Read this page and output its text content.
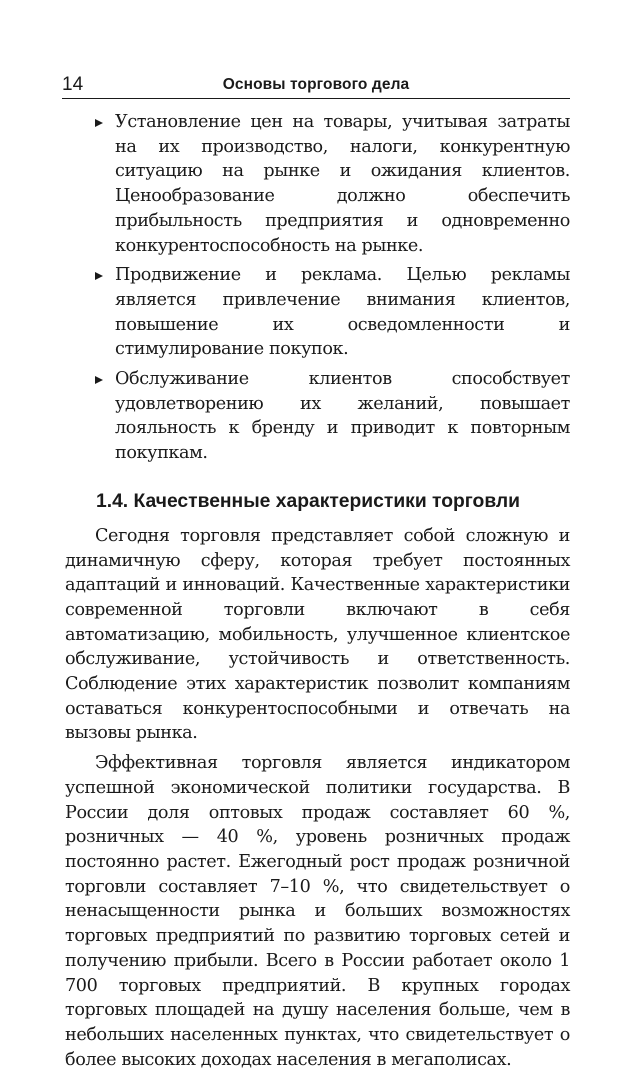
14	Основы торгового дела
Установление цен на товары, учитывая затраты на их производство, налоги, конкурентную ситуацию на рынке и ожидания клиентов. Ценообразование должно обеспечить прибыльность предприятия и одновременно конкурентоспособность на рынке.
Продвижение и реклама. Целью рекламы является привлечение внимания клиентов, повышение их осведомленности и стимулирование покупок.
Обслуживание клиентов способствует удовлетворению их желаний, повышает лояльность к бренду и приводит к повторным покупкам.
1.4. Качественные характеристики торговли

Сегодня торговля представляет собой сложную и динамичную сферу, которая требует постоянных адаптаций и инноваций. Качественные характеристики современной торговли включают в себя автоматизацию, мобильность, улучшенное клиентское обслуживание, устойчивость и ответственность. Соблюдение этих характеристик позволит компаниям оставаться конкурентоспособными и отвечать на вызовы рынка.

Эффективная торговля является индикатором успешной экономической политики государства. В России доля оптовых продаж составляет 60 %, розничных — 40 %, уровень розничных продаж постоянно растет. Ежегодный рост продаж розничной торговли составляет 7–10 %, что свидетельствует о ненасыщенности рынка и больших возможностях торговых предприятий по развитию торговых сетей и получению прибыли. Всего в России работает около 1 700 торговых предприятий. В крупных городах торговых площадей на душу населения больше, чем в небольших населенных пунктах, что свидетельствует о более высоких доходах населения в мегаполисах.
